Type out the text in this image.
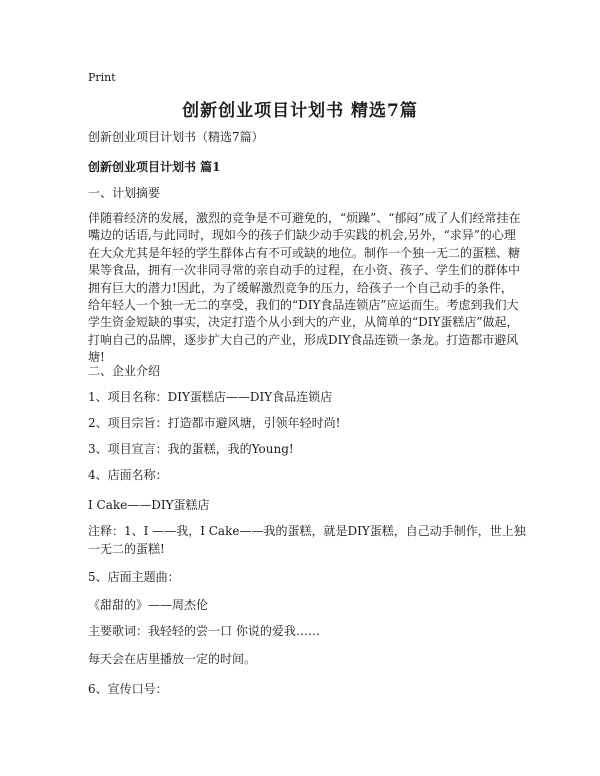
Print
创新创业项目计划书 精选7篇
创新创业项目计划书（精选7篇）
创新创业项目计划书 篇1
一、计划摘要
伴随着经济的发展，激烈的竞争是不可避免的，“烦躁”、“郁闷”成了人们经常挂在
嘴边的话语,与此同时，现如今的孩子们缺少动手实践的机会,另外，“求异”的心理
在大众尤其是年轻的学生群体占有不可或缺的地位。制作一个独一无二的蛋糕、糖
果等食品，拥有一次非同寻常的亲自动手的过程，在小资、孩子、学生们的群体中
拥有巨大的潜力!因此，为了缓解激烈竞争的压力，给孩子一个自己动手的条件，
给年轻人一个独一无二的享受，我们的“DIY食品连锁店”应运而生。考虑到我们大
学生资金短缺的事实，决定打造个从小到大的产业，从简单的“DIY蛋糕店”做起，
打响自己的品牌，逐步扩大自己的产业，形成DIY食品连锁一条龙。打造都市避风
塘!
二、企业介绍
1、项目名称：DIY蛋糕店——DIY食品连锁店
2、项目宗旨：打造都市避风塘，引领年轻时尚!
3、项目宣言：我的蛋糕，我的Young!
4、店面名称：
I Cake——DIY蛋糕店
注释：1、I ——我，I Cake——我的蛋糕，就是DIY蛋糕，自己动手制作，世上独
一无二的蛋糕!
5、店面主题曲：
《甜甜的》——周杰伦
主要歌词：我轻轻的尝一口 你说的爱我……
每天会在店里播放一定的时间。
6、宣传口号：
